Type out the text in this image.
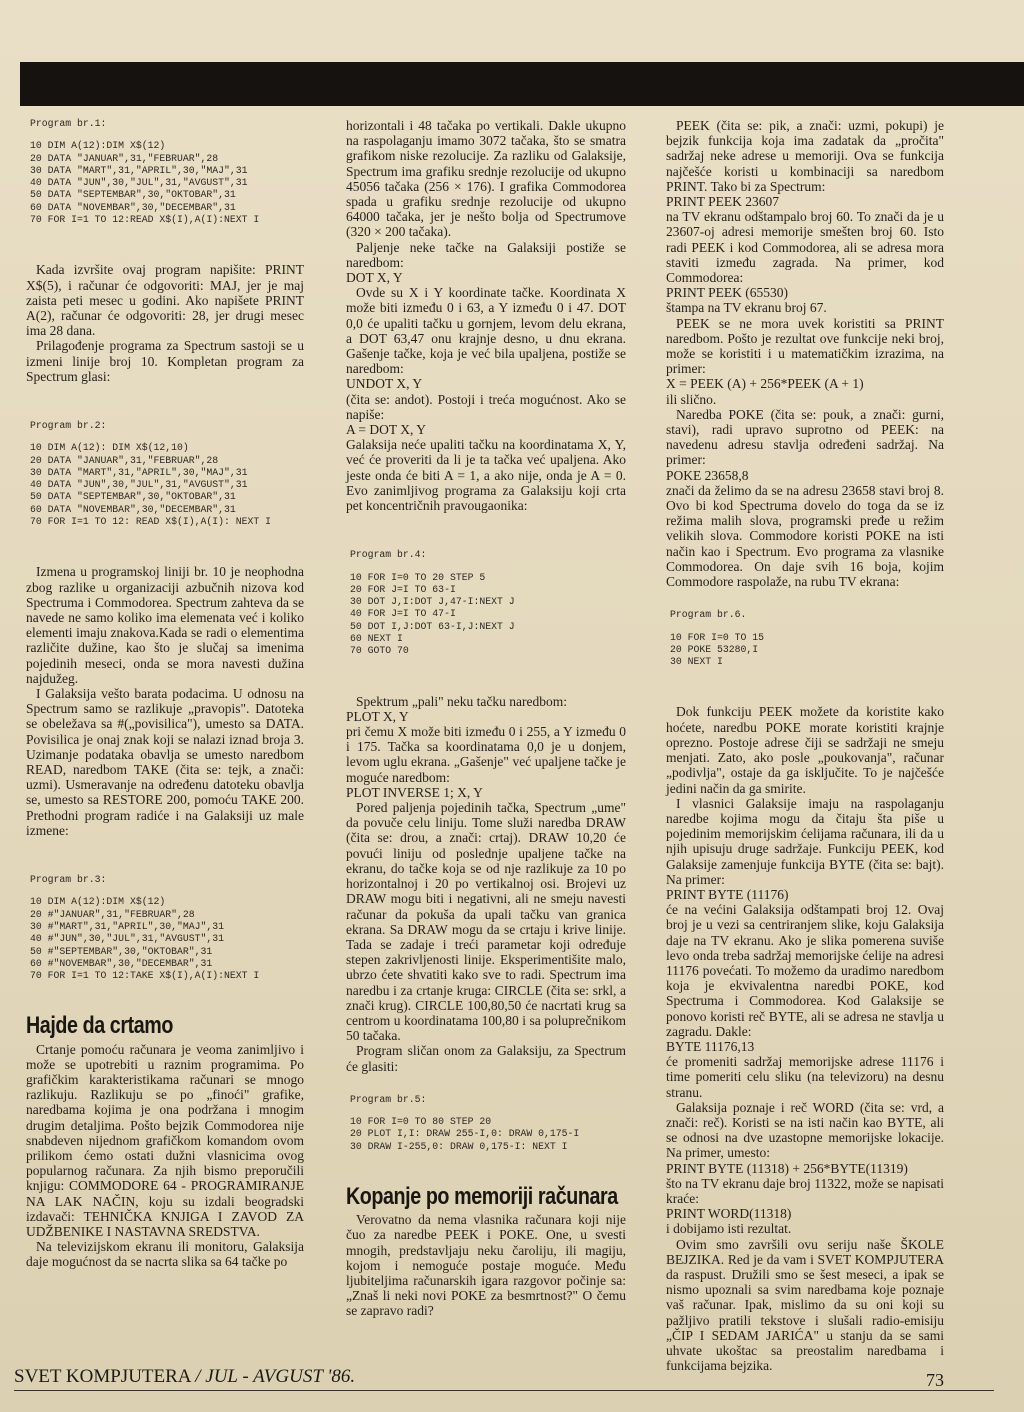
Program br.1:
10 DIM A(12):DIM X$(12)
20 DATA "JANUAR",31,"FEBRUAR",28
30 DATA "MART",31,"APRIL",30,"MAJ",31
40 DATA "JUN",30,"JUL",31,"AVGUST",31
50 DATA "SEPTEMBAR",30,"OKTOBAR",31
60 DATA "NOVEMBAR",30,"DECEMBAR",31
70 FOR I=1 TO 12:READ X$(I),A(I):NEXT I

Kada izvršite ovaj program napišite: PRINT X$(5), i računar će odgovoriti: MAJ, jer je maj zaista peti mesec u godini. Ako napišete PRINT A(2), računar će odgovoriti: 28, jer drugi mesec ima 28 dana.

Prilagođenje programa za Spectrum sastoji se u izmeni linije broj 10. Kompletan program za Spectrum glasi:

Program br.2:
10 DIM A(12): DIM X$(12,10)
20 DATA "JANUAR",31,"FEBRUAR",28
30 DATA "MART",31,"APRIL",30,"MAJ",31
40 DATA "JUN",30,"JUL",31,"AVGUST",31
50 DATA "SEPTEMBAR",30,"OKTOBAR",31
60 DATA "NOVEMBAR",30,"DECEMBAR",31
70 FOR I=1 TO 12: READ X$(I),A(I): NEXT I

Izmena u programskoj liniji br. 10 je neophodna zbog razlike u organizaciji azbučnih nizova kod Spectruma i Commodorea. Spectrum zahteva da se navede ne samo koliko ima elemenata već i koliko elementi imaju znakova.Kada se radi o elementima različite dužine, kao što je slučaj sa imenima pojedinih meseci, onda se mora navesti dužina najdužeg.

I Galaksija vešto barata podacima. U odnosu na Spectrum samo se razlikuje „pravopis". Datoteka se obeležava sa #(„povisilica"), umesto sa DATA. Povisilica je onaj znak koji se nalazi iznad broja 3. Uzimanje podataka obavlja se umesto naredbom READ, naredbom TAKE (čita se: tejk, a znači: uzmi). Usmeravanje na određenu datoteku obavlja se, umesto sa RESTORE 200, pomoću TAKE 200. Prethodni program radiće i na Galaksiji uz male izmene:

Program br.3:
10 DIM A(12):DIM X$(12)
20 #"JANUAR",31,"FEBRUAR",28
30 #"MART",31,"APRIL",30,"MAJ",31
40 #"JUN",30,"JUL",31,"AVGUST",31
50 #"SEPTEMBAR",30,"OKTOBAR",31
60 #"NOVEMBAR",30,"DECEMBAR",31
70 FOR I=1 TO 12:TAKE X$(I),A(I):NEXT I
Hajde da crtamo

Crtanje pomoću računara je veoma zanimljivo i može se upotrebiti u raznim programima. Po grafičkim karakteristikama računari se mnogo razlikuju. Razlikuju se po „finoći" grafike, naredbama kojima je ona podržana i mnogim drugim detaljima. Pošto bejzik Commodorea nije snabdeven nijednom grafičkom komandom ovom prilikom ćemo ostati dužni vlasnicima ovog popularnog računara. Za njih bismo preporučili knjigu: COMMODORE 64 - PROGRAMIRANJE NA LAK NAČIN, koju su izdali beogradski izdavači: TEHNIČKA KNJIGA I ZAVOD ZA UDŽBENIKE I NASTAVNA SREDSTVA.

Na televizijskom ekranu ili monitoru, Galaksija daje mogućnost da se nacrta slika sa 64 tačke po

horizontali i 48 tačaka po vertikali. Dakle ukupno na raspolaganju imamo 3072 tačaka, što se smatra grafikom niske rezolucije. Za razliku od Galaksije, Spectrum ima grafiku srednje rezolucije od ukupno 45056 tačaka (256 × 176). I grafika Commodorea spada u grafiku srednje rezolucije od ukupno 64000 tačaka, jer je nešto bolja od Spectrumove (320 × 200 tačaka).

Paljenje neke tačke na Galaksiji postiže se naredbom:

DOT X, Y

Ovde su X i Y koordinate tačke. Koordinata X može biti između 0 i 63, a Y između 0 i 47. DOT 0,0 će upaliti tačku u gornjem, levom delu ekrana, a DOT 63,47 onu krajnje desno, u dnu ekrana. Gašenje tačke, koja je već bila upaljena, postiže se naredbom:

UNDOT X, Y

(čita se: andot). Postoji i treća mogućnost. Ako se napiše:

A = DOT X, Y

Galaksija neće upaliti tačku na koordinatama X, Y, već će proveriti da li je ta tačka već upaljena. Ako jeste onda će biti A = 1, a ako nije, onda je A = 0. Evo zanimljivog programa za Galaksiju koji crta pet koncentričnih pravougaonika:

Program br.4:
10 FOR I=0 TO 20 STEP 5
20 FOR J=I TO 63-I
30 DOT J,I:DOT J,47-I:NEXT J
40 FOR J=I TO 47-I
50 DOT I,J:DOT 63-I,J:NEXT J
60 NEXT I
70 GOTO 70

Spektrum „pali" neku tačku naredbom:

PLOT X, Y

pri čemu X može biti između 0 i 255, a Y između 0 i 175. Tačka sa koordinatama 0,0 je u donjem, levom uglu ekrana. „Gašenje" već upaljene tačke je moguće naredbom:

PLOT INVERSE 1; X, Y

Pored paljenja pojedinih tačka, Spectrum „ume" da povuče celu liniju. Tome služi naredba DRAW (čita se: drou, a znači: crtaj). DRAW 10,20 će povući liniju od poslednje upaljene tačke na ekranu, do tačke koja se od nje razlikuje za 10 po horizontalnoj i 20 po vertikalnoj osi. Brojevi uz DRAW mogu biti i negativni, ali ne smeju navesti računar da pokuša da upali tačku van granica ekrana. Sa DRAW mogu da se crtaju i krive linije. Tada se zadaje i treći parametar koji određuje stepen zakrivljenosti linije. Eksperimentišite malo, ubrzo ćete shvatiti kako sve to radi. Spectrum ima naredbu i za crtanje kruga: CIRCLE (čita se: srkl, a znači krug). CIRCLE 100,80,50 će nacrtati krug sa centrom u koordinatama 100,80 i sa poluprečnikom 50 tačaka.

Program sličan onom za Galaksiju, za Spectrum će glasiti:

Program br.5:
10 FOR I=0 TO 80 STEP 20
20 PLOT I,I: DRAW 255-I,0: DRAW 0,175-I
30 DRAW I-255,0: DRAW 0,175-I: NEXT I
Kopanje po memoriji računara

Verovatno da nema vlasnika računara koji nije čuo za naredbe PEEK i POKE. One, u svesti mnogih, predstavljaju neku čaroliju, ili magiju, kojom i nemoguće postaje moguće. Među ljubiteljima računarskih igara razgovor počinje sa: „Znaš li neki novi POKE za besmrtnost?" O čemu se zapravo radi?

PEEK (čita se: pik, a znači: uzmi, pokupi) je bejzik funkcija koja ima zadatak da „pročita" sadržaj neke adrese u memoriji. Ova se funkcija najčešće koristi u kombinaciji sa naredbom PRINT. Tako bi za Spectrum:

PRINT PEEK 23607

na TV ekranu odštampalo broj 60. To znači da je u 23607-oj adresi memorije smešten broj 60. Isto radi PEEK i kod Commodorea, ali se adresa mora staviti između zagrada. Na primer, kod Commodorea:

PRINT PEEK (65530)

štampa na TV ekranu broj 67.

PEEK se ne mora uvek koristiti sa PRINT naredbom. Pošto je rezultat ove funkcije neki broj, može se koristiti i u matematičkim izrazima, na primer:

X = PEEK (A) + 256*PEEK (A + 1)

ili slično.

Naredba POKE (čita se: pouk, a znači: gurni, stavi), radi upravo suprotno od PEEK: na navedenu adresu stavlja određeni sadržaj. Na primer:

POKE 23658,8

znači da želimo da se na adresu 23658 stavi broj 8. Ovo bi kod Spectruma dovelo do toga da se iz režima malih slova, programski pređe u režim velikih slova. Commodore koristi POKE na isti način kao i Spectrum. Evo programa za vlasnike Commodorea. On daje svih 16 boja, kojim Commodore raspolaže, na rubu TV ekrana:

Program br.6.
10 FOR I=0 TO 15
20 POKE 53280,I
30 NEXT I

Dok funkciju PEEK možete da koristite kako hoćete, naredbu POKE morate koristiti krajnje oprezno. Postoje adrese čiji se sadržaji ne smeju menjati. Zato, ako posle „poukovanja", računar „podivlja", ostaje da ga isključite. To je najčešće jedini način da ga smirite.

I vlasnici Galaksije imaju na raspolaganju naredbe kojima mogu da čitaju šta piše u pojedinim memorijskim ćelijama računara, ili da u njih upisuju druge sadržaje. Funkciju PEEK, kod Galaksije zamenjuje funkcija BYTE (čita se: bajt). Na primer:

PRINT BYTE (11176)

će na većini Galaksija odštampati broj 12. Ovaj broj je u vezi sa centriranjem slike, koju Galaksija daje na TV ekranu. Ako je slika pomerena suviše levo onda treba sadržaj memorijske ćelije na adresi 11176 povećati. To možemo da uradimo naredbom koja je ekvivalentna naredbi POKE, kod Spectruma i Commodorea. Kod Galaksije se ponovo koristi reč BYTE, ali se adresa ne stavlja u zagradu. Dakle:

BYTE 11176,13

će promeniti sadržaj memorijske adrese 11176 i time pomeriti celu sliku (na televizoru) na desnu stranu.

Galaksija poznaje i reč WORD (čita se: vrd, a znači: reč). Koristi se na isti način kao BYTE, ali se odnosi na dve uzastopne memorijske lokacije. Na primer, umesto:

PRINT BYTE (11318) + 256*BYTE(11319)

što na TV ekranu daje broj 11322, može se napisati kraće:

PRINT WORD(11318)

i dobijamo isti rezultat.

Ovim smo završili ovu seriju naše ŠKOLE BEJZIKA. Red je da vam i SVET KOMPJUTERA da raspust. Družili smo se šest meseci, a ipak se nismo upoznali sa svim naredbama koje poznaje vaš računar. Ipak, mislimo da su oni koji su pažljivo pratili tekstove i slušali radio-emisiju „ČIP I SEDAM JARIĆA" u stanju da se sami uhvate ukoštac sa preostalim naredbama i funkcijama bejzika.

SVET KOMPJUTERA / JUL - AVGUST '86.	73
